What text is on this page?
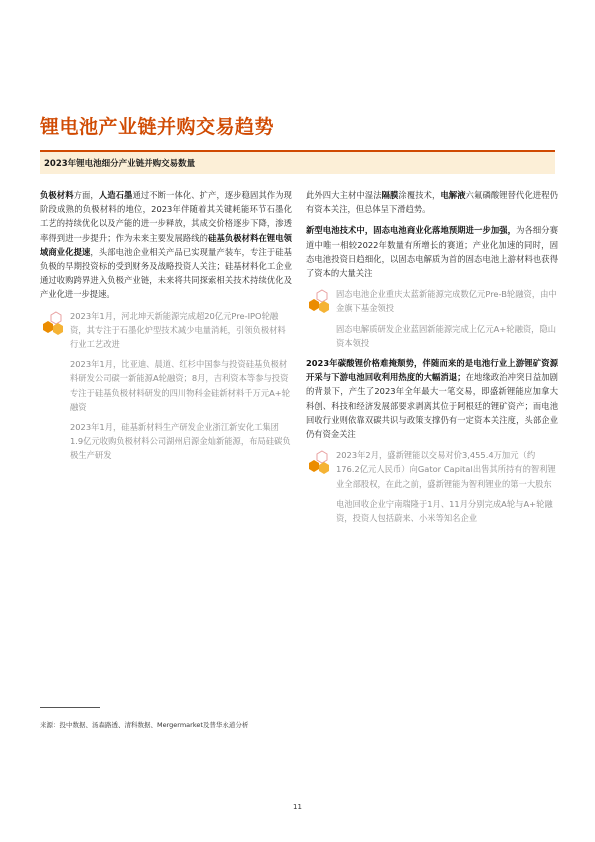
锂电池产业链并购交易趋势
2023年锂电池细分产业链并购交易数量

负极材料方面，人造石墨通过不断一体化、扩产，逐步稳固其作为现阶段成熟的负极材料的地位，2023年伴随着其关键耗能环节石墨化工艺的持续优化以及产能的进一步释放，其成交价格逐步下降，渗透率得到进一步提升；作为未来主要发展路线的硅基负极材料在锂电领域商业化提速，头部电池企业相关产品已实现量产装车，专注于硅基负极的早期投资标的受到财务及战略投资人关注；硅基材料化工企业通过收购跨界进入负极产业链，未来将共同探索相关技术持续优化及产业化进一步提速。

2023年1月，河北坤天新能源完成超20亿元Pre-IPO轮融资，其专注于石墨化炉型技术减少电量消耗，引领负极材料行业工艺改进
2023年1月，比亚迪、晨道、红杉中国参与投资硅基负极材料研发公司碳一新能源A轮融资；8月，吉利资本等参与投资专注于硅基负极材料研发的四川物科金硅新材料千万元A+轮融资
2023年1月，硅基新材料生产研发企业浙江新安化工集团1.9亿元收购负极材料公司湖州启源金灿新能源，布局硅碳负极生产研发

此外四大主材中湿法隔膜涂覆技术，电解液六氟磷酸锂替代化进程仍有资本关注，但总体呈下滑趋势。

新型电池技术中，固态电池商业化落地预期进一步加强，为各细分赛道中唯一相较2022年数量有所增长的赛道；产业化加速的同时，固态电池投资日趋细化，以固态电解质为首的固态电池上游材料也获得了资本的大量关注

固态电池企业重庆太蓝新能源完成数亿元Pre-B轮融资，由中金旗下基金领投
固态电解质研发企业蓝固新能源完成上亿元A+轮融资，隐山资本领投

2023年碳酸锂价格难掩颓势，伴随而来的是电池行业上游锂矿资源开采与下游电池回收利用热度的大幅消退；在地缘政治冲突日益加剧的背景下，产生了2023年全年最大一笔交易，即盛新锂能应加拿大科创、科技和经济发展部要求剥离其位于阿根廷的锂矿资产；而电池回收行业则依靠双碳共识与政策支撑仍有一定资本关注度，头部企业仍有资金关注

2023年2月，盛新锂能以交易对价3,455.4万加元（约176.2亿元人民币）向Gator Capital出售其所持有的智利锂业全部股权，在此之前，盛新锂能为智利锂业的第一大股东
电池回收企业宁南瑞隆于1月、11月分别完成A轮与A+轮融资，投资人包括蔚来、小米等知名企业
来源：投中数据、汤森路透、清科数据、Mergermarket及普华永道分析
11
